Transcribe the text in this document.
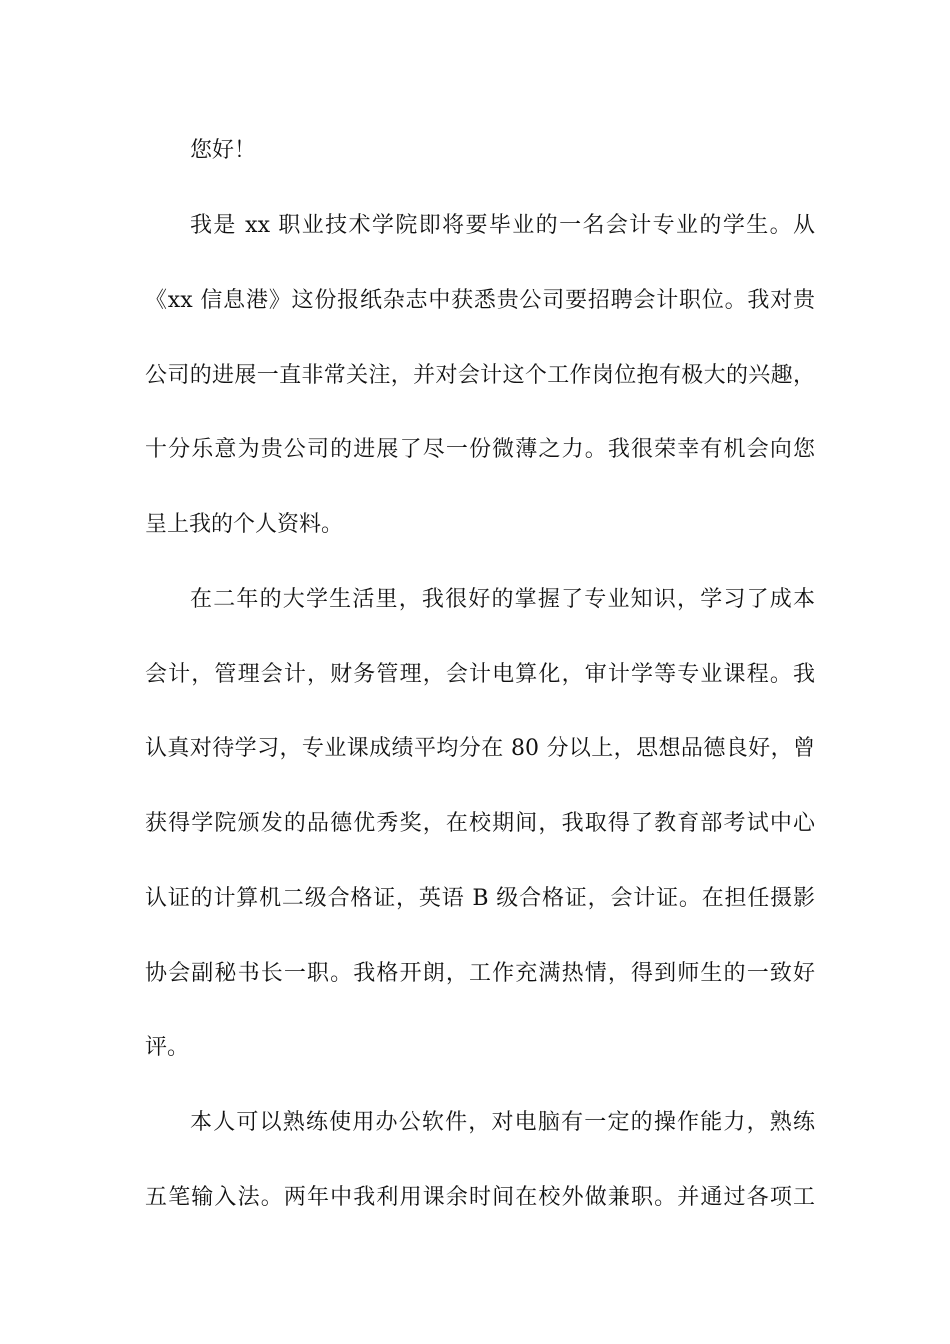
您好！
我是 xx 职业技术学院即将要毕业的一名会计专业的学生。从
《xx 信息港》这份报纸杂志中获悉贵公司要招聘会计职位。我对贵
公司的进展一直非常关注，并对会计这个工作岗位抱有极大的兴趣，
十分乐意为贵公司的进展了尽一份微薄之力。我很荣幸有机会向您
呈上我的个人资料。
在二年的大学生活里，我很好的掌握了专业知识，学习了成本
会计，管理会计，财务管理，会计电算化，审计学等专业课程。我
认真对待学习，专业课成绩平均分在 80 分以上，思想品德良好，曾
获得学院颁发的品德优秀奖，在校期间，我取得了教育部考试中心
认证的计算机二级合格证，英语 B 级合格证，会计证。在担任摄影
协会副秘书长一职。我格开朗，工作充满热情，得到师生的一致好
评。
本人可以熟练使用办公软件，对电脑有一定的操作能力，熟练
五笔输入法。两年中我利用课余时间在校外做兼职。并通过各项工
